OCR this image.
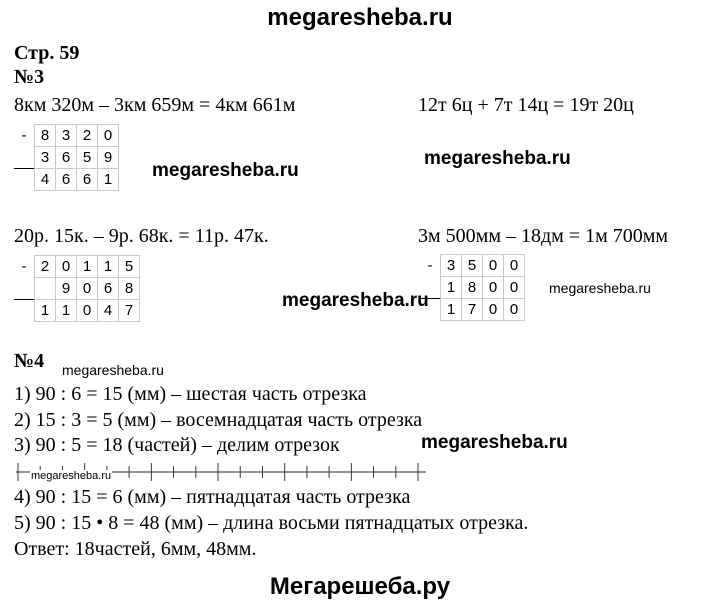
megaresheba.ru
Стр. 59
№3
8км 320м – 3км 659м = 4км 661м	12т 6ц + 7т 14ц = 19т 20ц
-	8	3	2	0
	3	6	5	9
	4	6	6	1 megaresheba.ru
megaresheba.ru
20р. 15к. – 9р. 68к. = 11р. 47к.	3м 500мм – 18дм = 1м 700мм
-	2	0	1	1	5
		9	0	6	8
	1	1	0	4	7
-	3	5	0	0
	1	8	0	0
	1	7	0	0
megaresheba.ru
megaresheba.ru
№4 megaresheba.ru
1) 90 : 6 = 15 (мм) – шестая часть отрезка
2) 15 : 3 = 5 (мм) – восемнадцатая часть отрезка
3) 90 : 5 = 18 (частей) – делим отрезок	megaresheba.ru
megaresheba.ru
4) 90 : 15 = 6 (мм) – пятнадцатая часть отрезка
5) 90 : 15 • 8 = 48 (мм) – длина восьми пятнадцатых отрезка.
Ответ: 18частей, 6мм, 48мм.
Мегарешеба.ру
